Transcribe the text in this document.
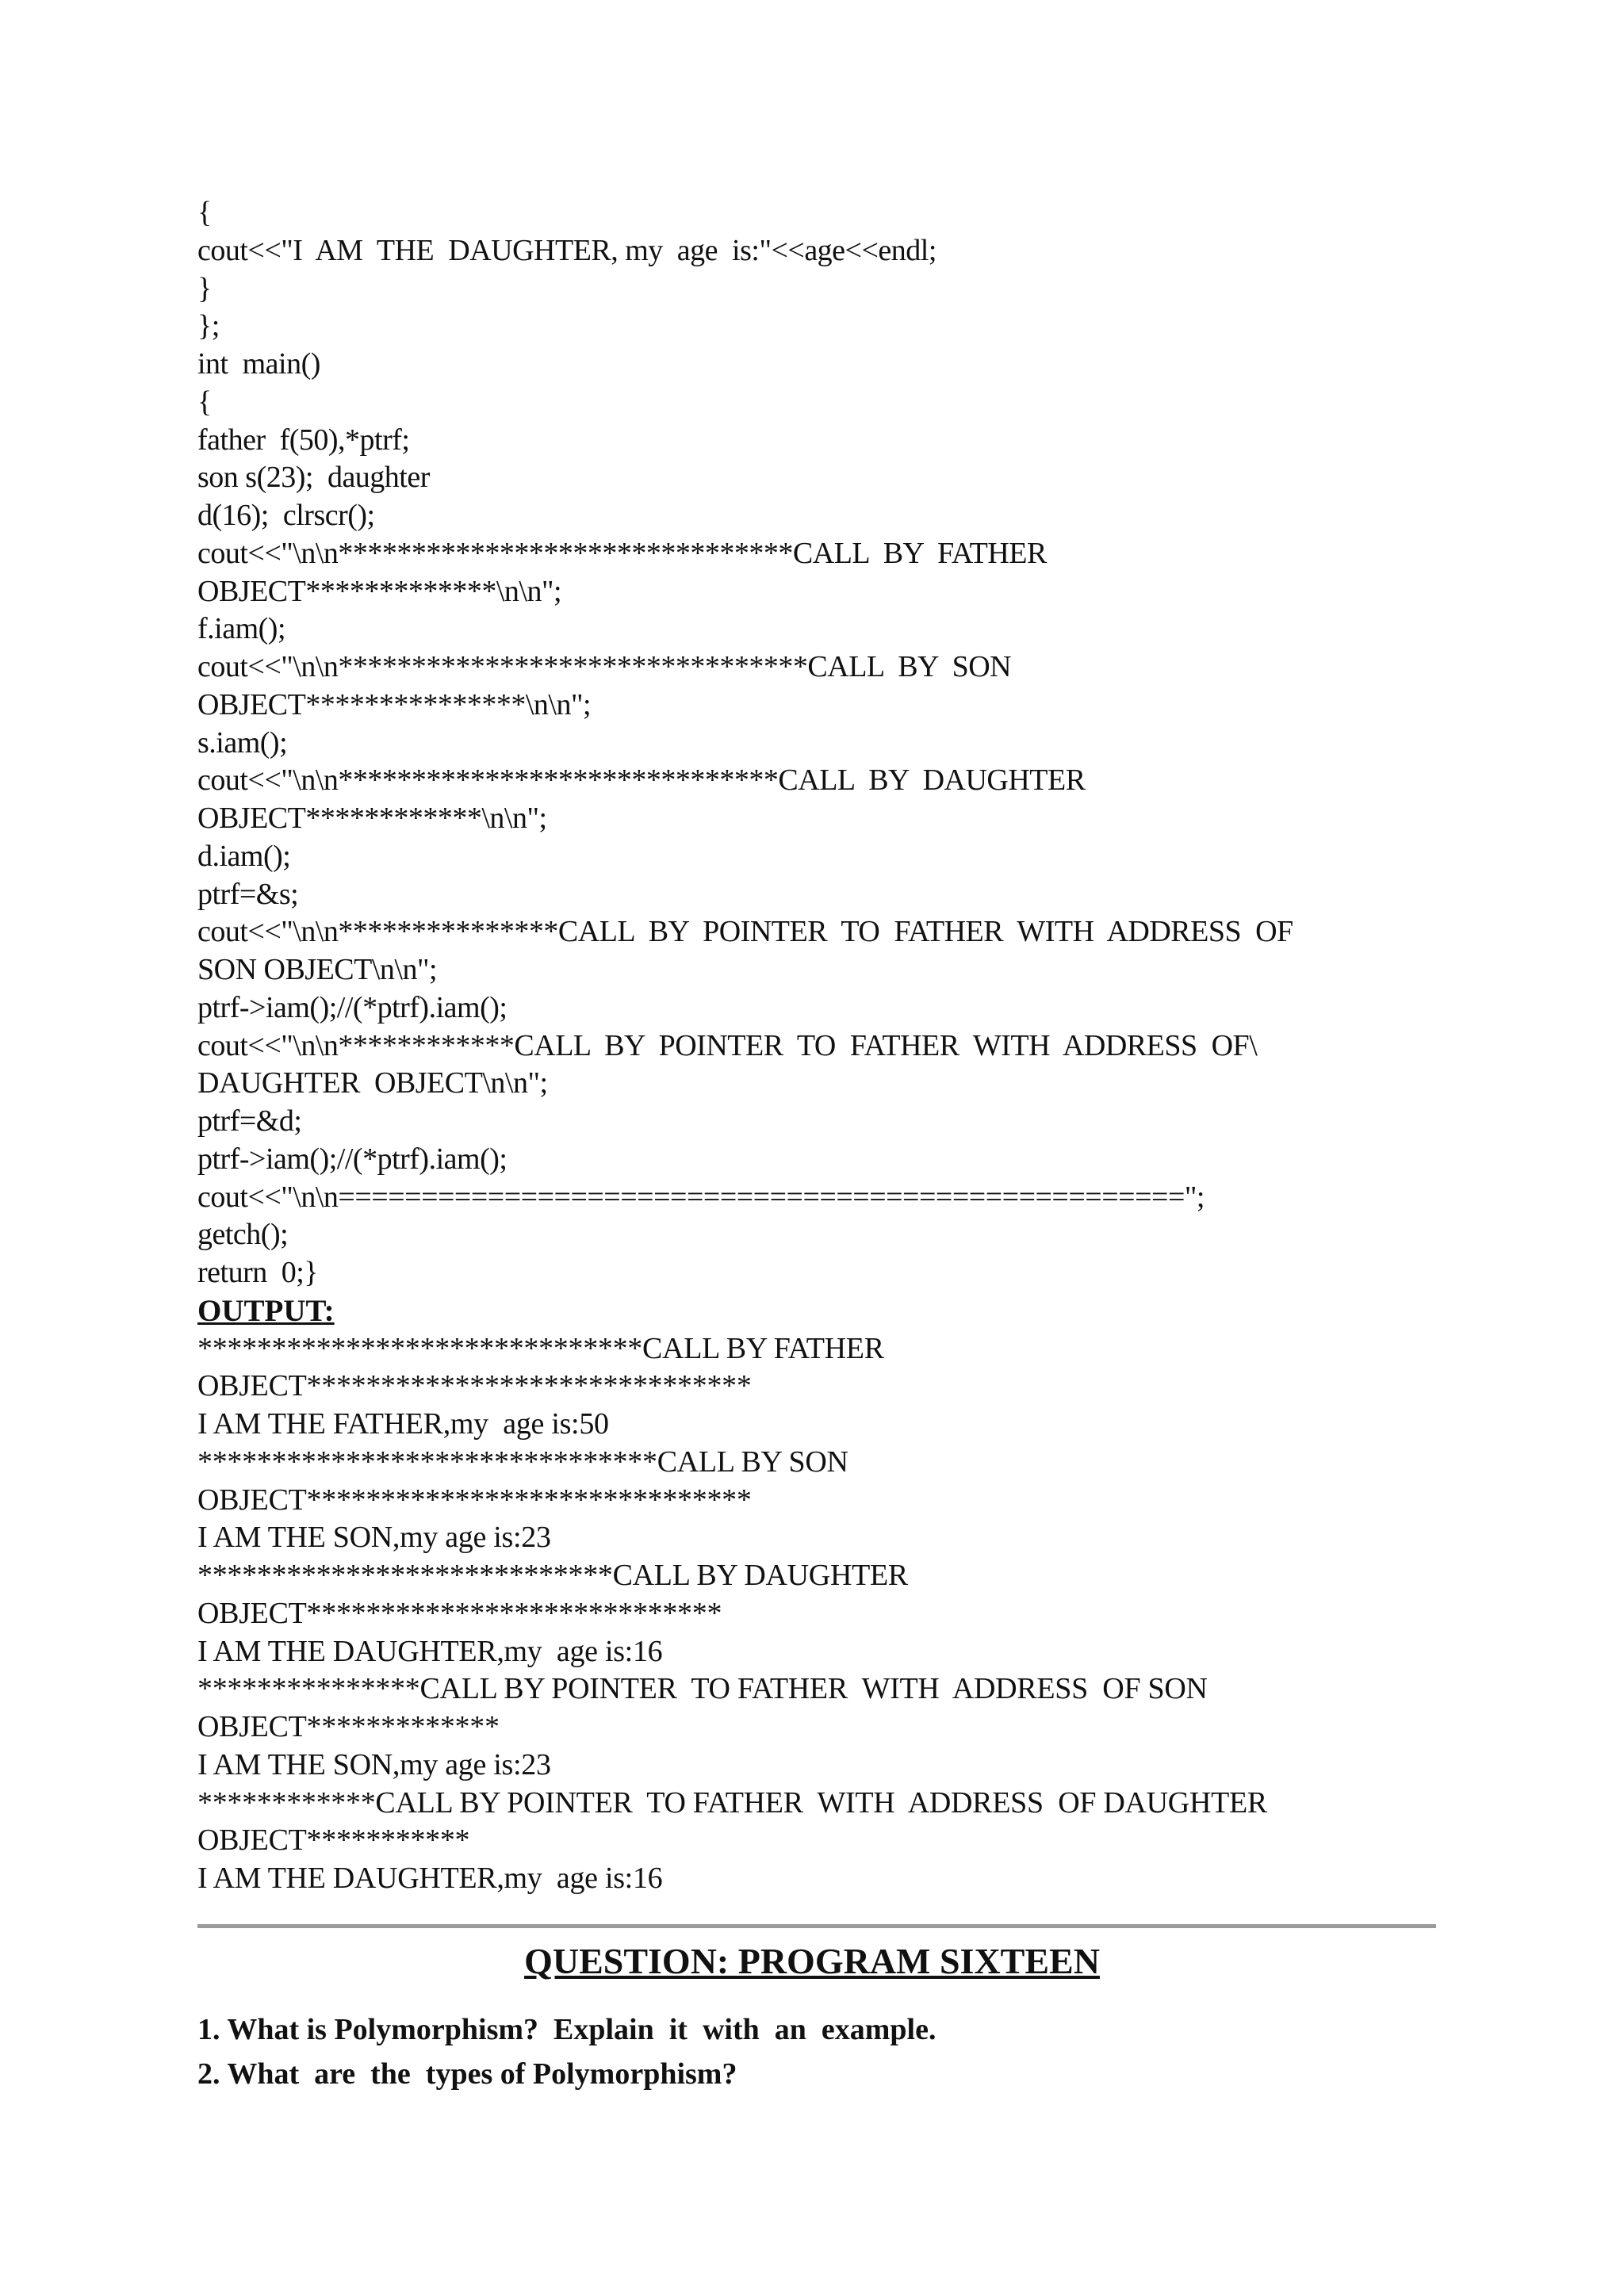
{
cout<<"I  AM  THE  DAUGHTER, my  age  is:"<<age<<endl;
}
};
int  main()
{
father  f(50),*ptrf;
son s(23);  daughter
d(16);  clrscr();
cout<<"\n\n*******************************CALL  BY  FATHER
OBJECT*************\n\n";
f.iam();
cout<<"\n\n********************************CALL  BY  SON
OBJECT***************\n\n";
s.iam();
cout<<"\n\n******************************CALL  BY  DAUGHTER
OBJECT************\n\n";
d.iam();
ptrf=&s;
cout<<"\n\n***************CALL  BY  POINTER  TO  FATHER  WITH  ADDRESS  OF
SON OBJECT\n\n";
ptrf->iam();//(*ptrf).iam();
cout<<"\n\n************CALL  BY  POINTER  TO  FATHER  WITH  ADDRESS  OF\
DAUGHTER  OBJECT\n\n";
ptrf=&d;
ptrf->iam();//(*ptrf).iam();
cout<<"\n\n===================================================";
getch();
return  0;}
OUTPUT:
******************************CALL BY FATHER
OBJECT******************************
I AM THE FATHER,my  age is:50
*******************************CALL BY SON
OBJECT******************************
I AM THE SON,my age is:23
****************************CALL BY DAUGHTER
OBJECT****************************
I AM THE DAUGHTER,my  age is:16
***************CALL BY POINTER  TO FATHER  WITH  ADDRESS  OF SON
OBJECT*************
I AM THE SON,my age is:23
************CALL BY POINTER  TO FATHER  WITH  ADDRESS  OF DAUGHTER
OBJECT***********
I AM THE DAUGHTER,my  age is:16
QUESTION: PROGRAM SIXTEEN
1. What is Polymorphism?  Explain  it  with  an  example.
2. What  are  the  types of Polymorphism?
